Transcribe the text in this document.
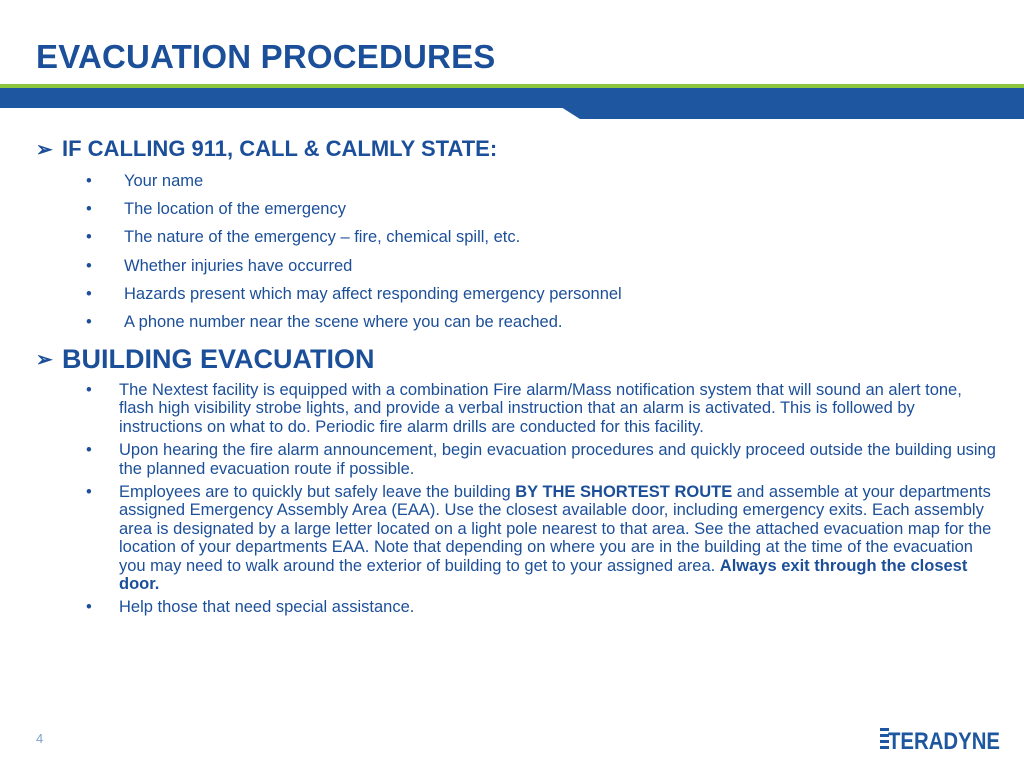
EVACUATION PROCEDURES
➢ IF CALLING 911, CALL & CALMLY STATE:
• Your name
• The location of the emergency
• The nature of the emergency – fire, chemical spill, etc.
• Whether injuries have occurred
• Hazards present which may affect responding emergency personnel
• A phone number near the scene where you can be reached.
➢ BUILDING EVACUATION
• The Nextest facility is equipped with a combination Fire alarm/Mass notification system that will sound an alert tone, flash high visibility strobe lights, and provide a verbal instruction that an alarm is activated. This is followed by instructions on what to do. Periodic fire alarm drills are conducted for this facility.
• Upon hearing the fire alarm announcement, begin evacuation procedures and quickly proceed outside the building using the planned evacuation route if possible.
• Employees are to quickly but safely leave the building BY THE SHORTEST ROUTE and assemble at your departments assigned Emergency Assembly Area (EAA). Use the closest available door, including emergency exits. Each assembly area is designated by a large letter located on a light pole nearest to that area. See the attached evacuation map for the location of your departments EAA. Note that depending on where you are in the building at the time of the evacuation you may need to walk around the exterior of building to get to your assigned area. Always exit through the closest door.
• Help those that need special assistance.
4	TERADYNE
